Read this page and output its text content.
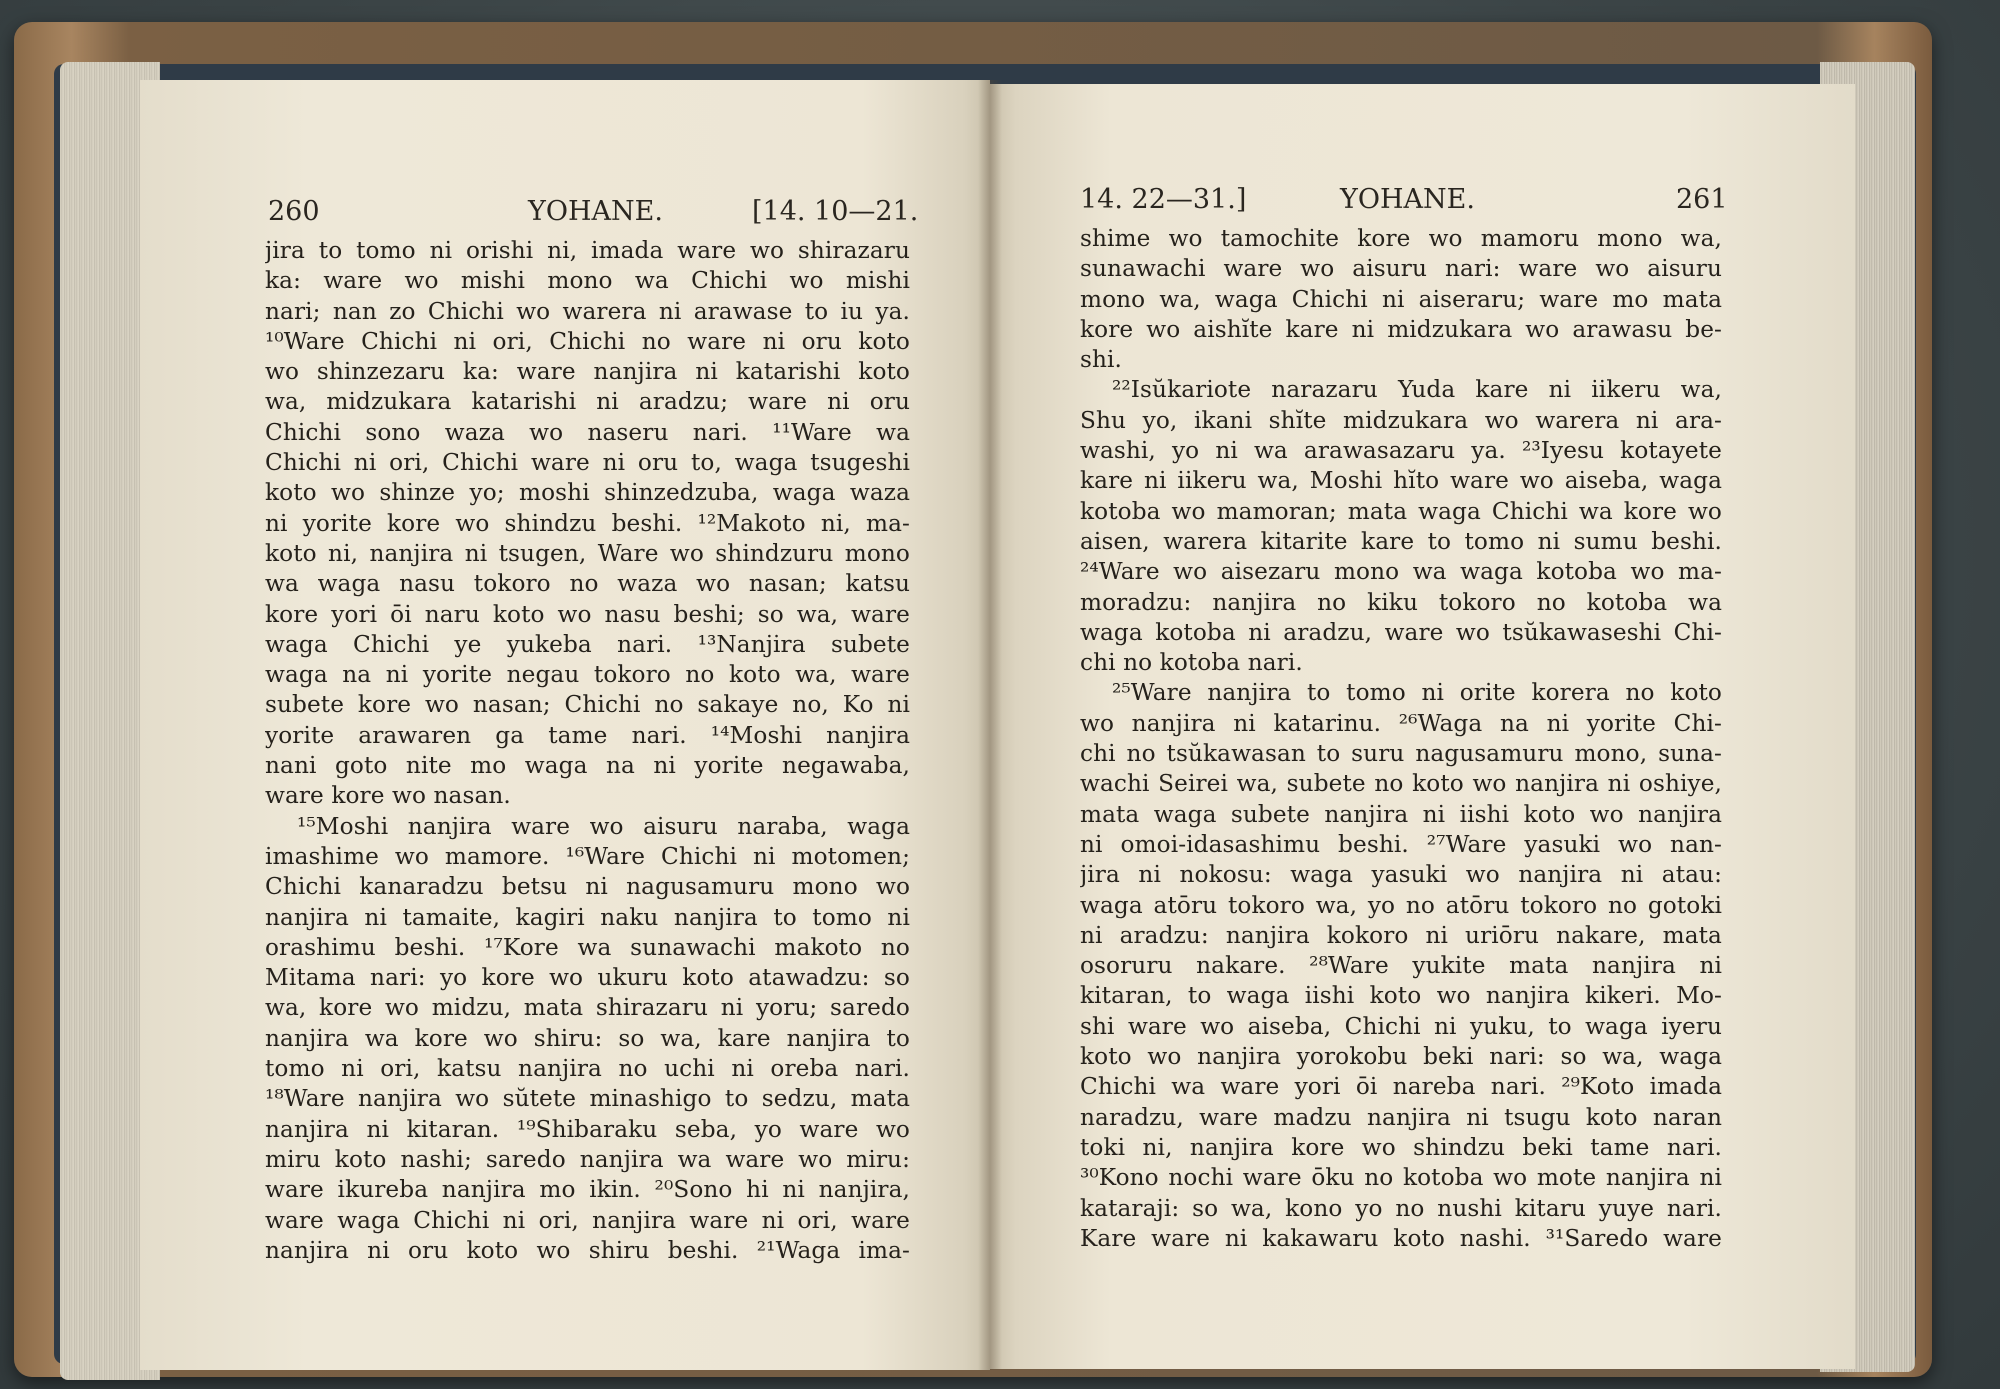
260	YOHANE.	[14. 10—21.
jira to tomo ni orishi ni, imada ware wo shirazaru
ka: ware wo mishi mono wa Chichi wo mishi
nari; nan zo Chichi wo warera ni arawase to iu ya.
¹⁰Ware Chichi ni ori, Chichi no ware ni oru koto
wo shinzezaru ka: ware nanjira ni katarishi koto
wa, midzukara katarishi ni aradzu; ware ni oru
Chichi sono waza wo naseru nari. ¹¹Ware wa
Chichi ni ori, Chichi ware ni oru to, waga tsugeshi
koto wo shinze yo; moshi shinzedzuba, waga waza
ni yorite kore wo shindzu beshi. ¹²Makoto ni, ma-
koto ni, nanjira ni tsugen, Ware wo shindzuru mono
wa waga nasu tokoro no waza wo nasan; katsu
kore yori ōi naru koto wo nasu beshi; so wa, ware
waga Chichi ye yukeba nari. ¹³Nanjira subete
waga na ni yorite negau tokoro no koto wa, ware
subete kore wo nasan; Chichi no sakaye no, Ko ni
yorite arawaren ga tame nari. ¹⁴Moshi nanjira
nani goto nite mo waga na ni yorite negawaba,
ware kore wo nasan.
¹⁵Moshi nanjira ware wo aisuru naraba, waga
imashime wo mamore. ¹⁶Ware Chichi ni motomen;
Chichi kanaradzu betsu ni nagusamuru mono wo
nanjira ni tamaite, kagiri naku nanjira to tomo ni
orashimu beshi. ¹⁷Kore wa sunawachi makoto no
Mitama nari: yo kore wo ukuru koto atawadzu: so
wa, kore wo midzu, mata shirazaru ni yoru; saredo
nanjira wa kore wo shiru: so wa, kare nanjira to
tomo ni ori, katsu nanjira no uchi ni oreba nari.
¹⁸Ware nanjira wo sŭtete minashigo to sedzu, mata
nanjira ni kitaran. ¹⁹Shibaraku seba, yo ware wo
miru koto nashi; saredo nanjira wa ware wo miru:
ware ikureba nanjira mo ikin. ²⁰Sono hi ni nanjira,
ware waga Chichi ni ori, nanjira ware ni ori, ware
nanjira ni oru koto wo shiru beshi. ²¹Waga ima-
14. 22—31.]	YOHANE.	261
shime wo tamochite kore wo mamoru mono wa,
sunawachi ware wo aisuru nari: ware wo aisuru
mono wa, waga Chichi ni aiseraru; ware mo mata
kore wo aishĭte kare ni midzukara wo arawasu be-
shi.
²²Isŭkariote narazaru Yuda kare ni iikeru wa,
Shu yo, ikani shĭte midzukara wo warera ni ara-
washi, yo ni wa arawasazaru ya. ²³Iyesu kotayete
kare ni iikeru wa, Moshi hĭto ware wo aiseba, waga
kotoba wo mamoran; mata waga Chichi wa kore wo
aisen, warera kitarite kare to tomo ni sumu beshi.
²⁴Ware wo aisezaru mono wa waga kotoba wo ma-
moradzu: nanjira no kiku tokoro no kotoba wa
waga kotoba ni aradzu, ware wo tsŭkawaseshi Chi-
chi no kotoba nari.
²⁵Ware nanjira to tomo ni orite korera no koto
wo nanjira ni katarinu. ²⁶Waga na ni yorite Chi-
chi no tsŭkawasan to suru nagusamuru mono, suna-
wachi Seirei wa, subete no koto wo nanjira ni oshiye,
mata waga subete nanjira ni iishi koto wo nanjira
ni omoi-idasashimu beshi. ²⁷Ware yasuki wo nan-
jira ni nokosu: waga yasuki wo nanjira ni atau:
waga atōru tokoro wa, yo no atōru tokoro no gotoki
ni aradzu: nanjira kokoro ni uriōru nakare, mata
osoruru nakare. ²⁸Ware yukite mata nanjira ni
kitaran, to waga iishi koto wo nanjira kikeri. Mo-
shi ware wo aiseba, Chichi ni yuku, to waga iyeru
koto wo nanjira yorokobu beki nari: so wa, waga
Chichi wa ware yori ōi nareba nari. ²⁹Koto imada
naradzu, ware madzu nanjira ni tsugu koto naran
toki ni, nanjira kore wo shindzu beki tame nari.
³⁰Kono nochi ware ōku no kotoba wo mote nanjira ni
kataraji: so wa, kono yo no nushi kitaru yuye nari.
Kare ware ni kakawaru koto nashi. ³¹Saredo ware
